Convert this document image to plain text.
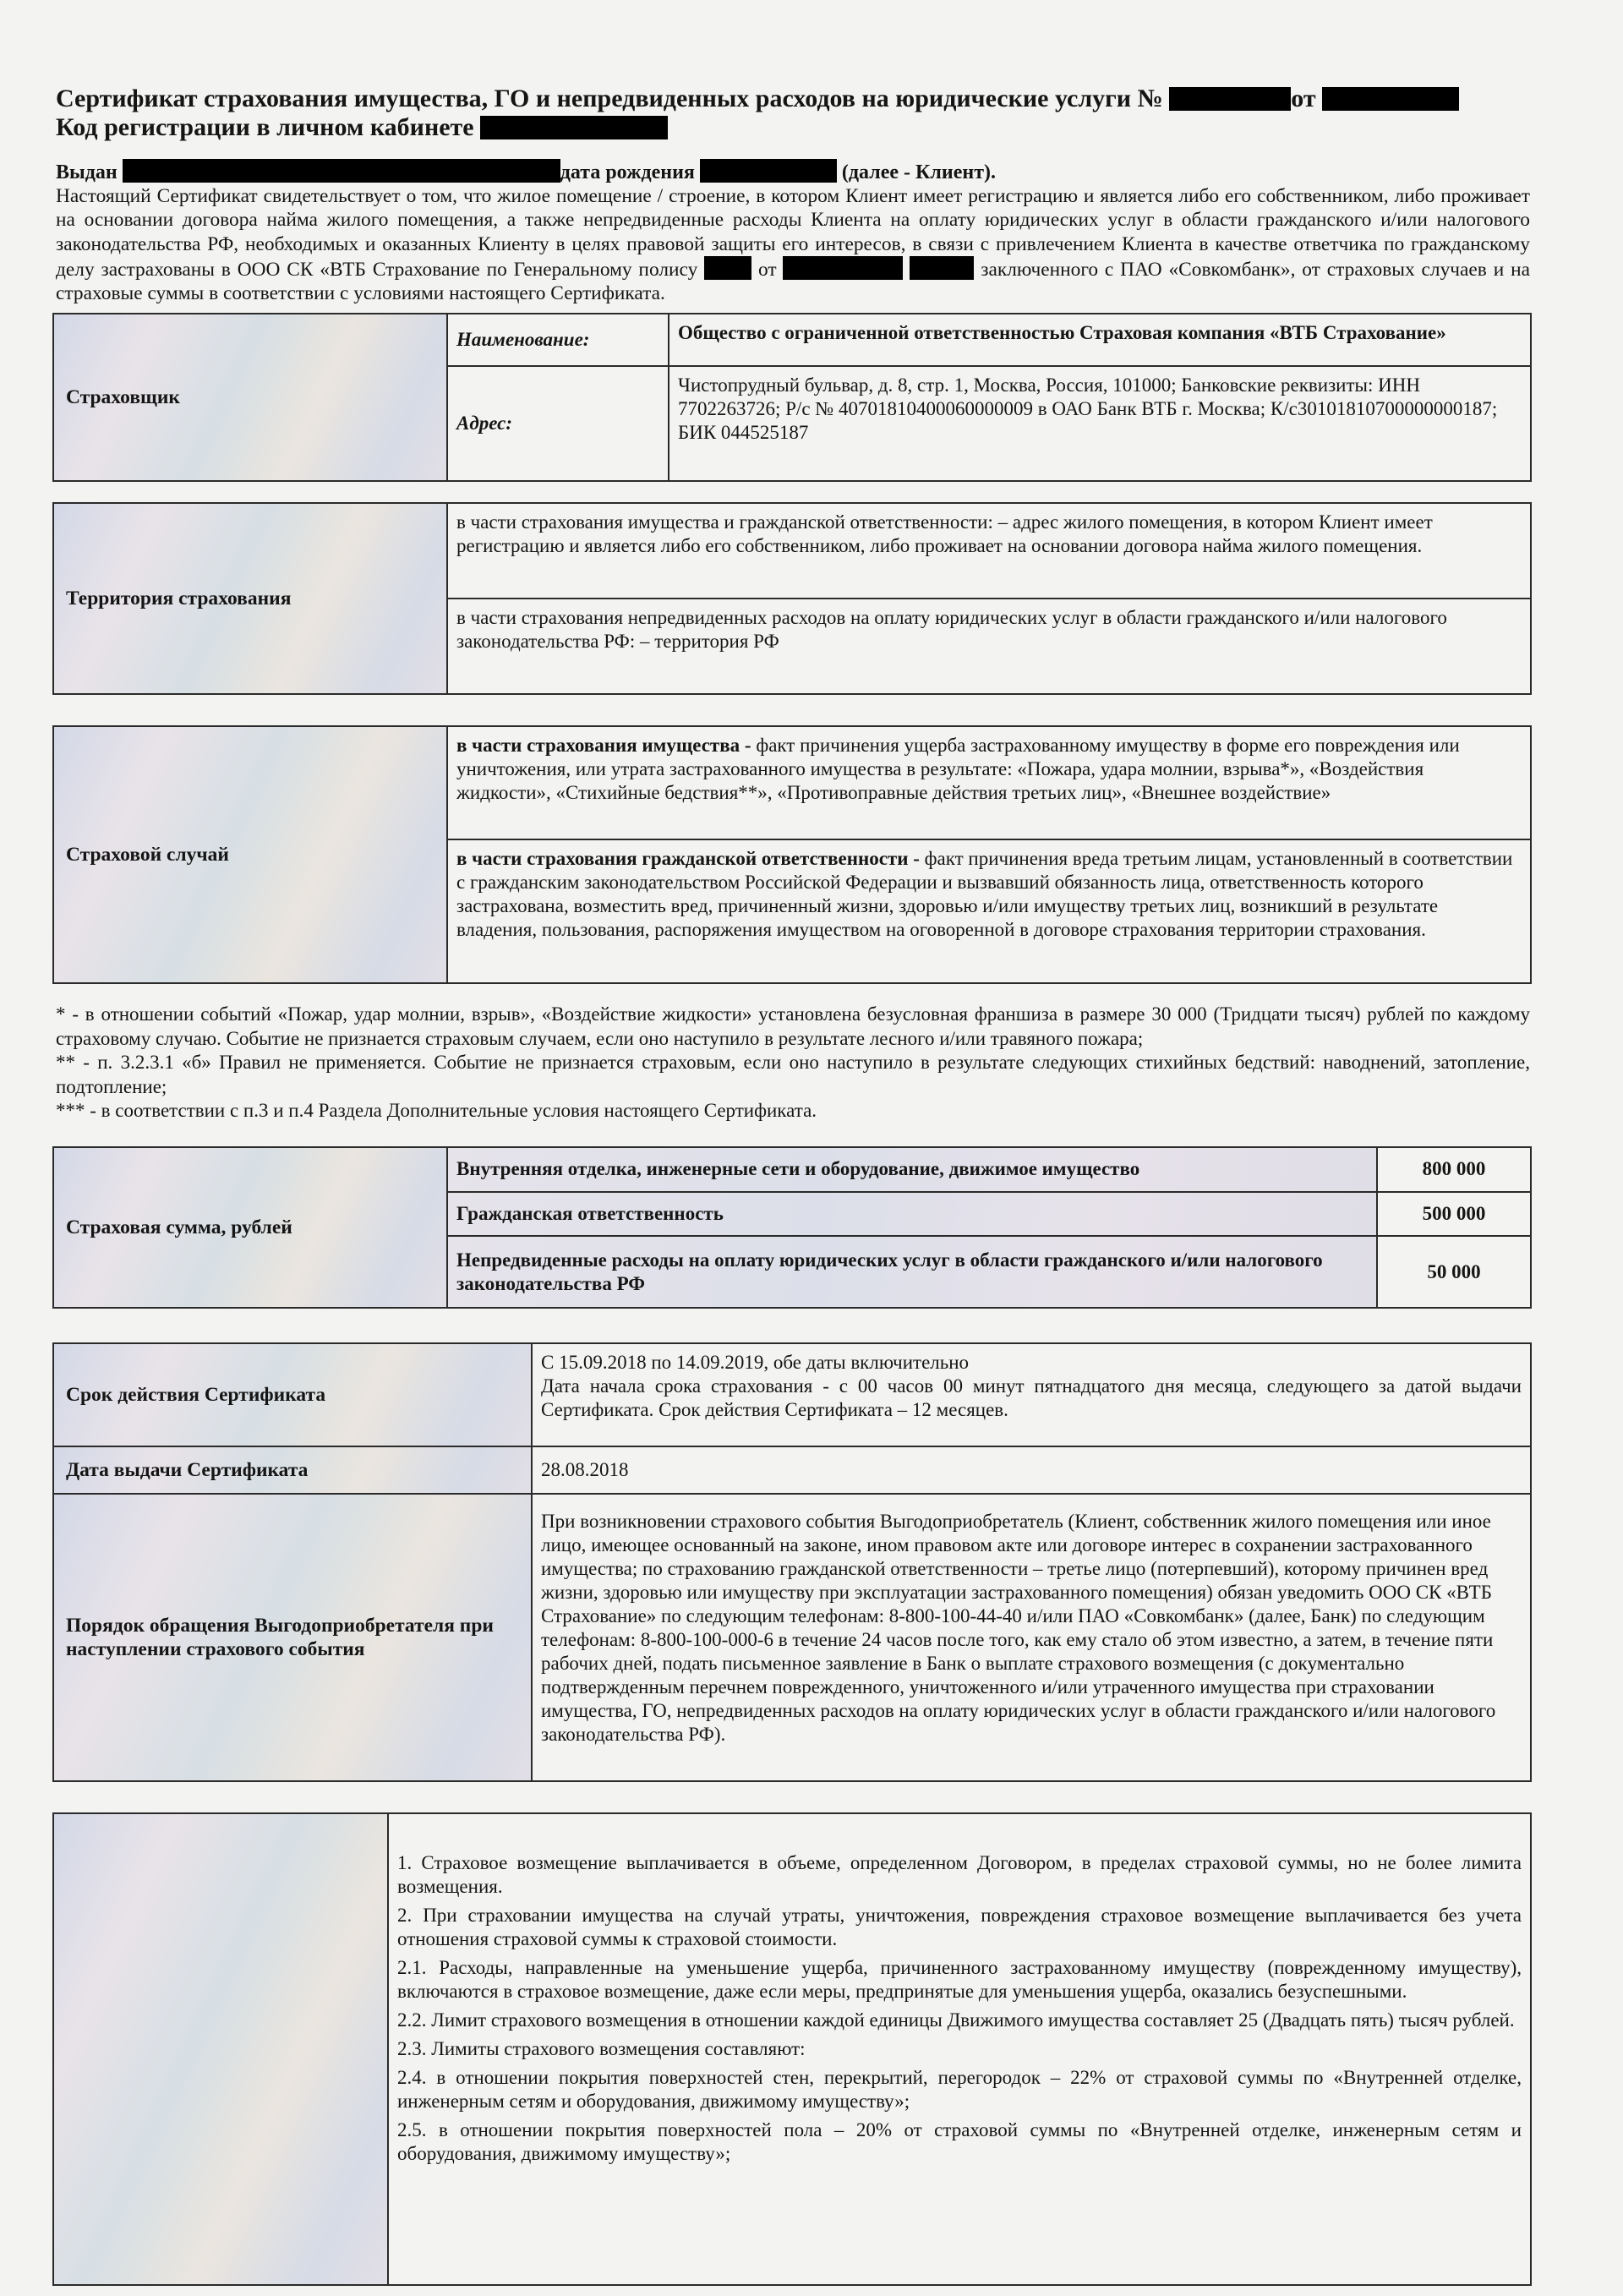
Сертификат страхования имущества, ГО и непредвиденных расходов на юридические услуги №	от
Код регистрации в личном кабинете
Выдан	дата рождения	(далее - Клиент).
Настоящий Сертификат свидетельствует о том, что жилое помещение / строение, в котором Клиент имеет регистрацию и является либо его собственником, либо проживает на основании договора найма жилого помещения, а также непредвиденные расходы Клиента на оплату юридических услуг в области гражданского и/или налогового законодательства РФ, необходимых и оказанных Клиенту в целях правовой защиты его интересов, в связи с привлечением Клиента в качестве ответчика по гражданскому делу застрахованы в ООО СК «ВТБ Страхование по Генеральному полису	от	заключенного с ПАО «Совкомбанк», от страховых случаев и на страховые суммы в соответствии с условиями настоящего Сертификата.
Страховщик	Наименование:	Общество с ограниченной ответственностью Страховая компания «ВТБ Страхование»
	Адрес:	Чистопрудный бульвар, д. 8, стр. 1, Москва, Россия, 101000; Банковские реквизиты: ИНН 7702263726; Р/с № 40701810400060000009 в ОАО Банк ВТБ г. Москва; К/с30101810700000000187; БИК 044525187
Территория страхования	в части страхования имущества и гражданской ответственности: – адрес жилого помещения, в котором Клиент имеет регистрацию и является либо его собственником, либо проживает на основании договора найма жилого помещения.
в части страхования непредвиденных расходов на оплату юридических услуг в области гражданского и/или налогового законодательства РФ: – территория РФ
Страховой случай	в части страхования имущества - факт причинения ущерба застрахованному имуществу в форме его повреждения или уничтожения, или утрата застрахованного имущества в результате: «Пожара, удара молнии, взрыва*», «Воздействия жидкости», «Стихийные бедствия**», «Противоправные действия третьих лиц», «Внешнее воздействие»
в части страхования гражданской ответственности - факт причинения вреда третьим лицам, установленный в соответствии с гражданским законодательством Российской Федерации и вызвавший обязанность лица, ответственность которого застрахована, возместить вред, причиненный жизни, здоровью и/или имуществу третьих лиц, возникший в результате владения, пользования, распоряжения имуществом на оговоренной в договоре страхования территории страхования.
* - в отношении событий «Пожар, удар молнии, взрыв», «Воздействие жидкости» установлена безусловная франшиза в размере 30 000 (Тридцати тысяч) рублей по каждому страховому случаю. Событие не признается страховым случаем, если оно наступило в результате лесного и/или травяного пожара;
** - п. 3.2.3.1 «б» Правил не применяется. Событие не признается страховым, если оно наступило в результате следующих стихийных бедствий: наводнений, затопление, подтопление;
*** - в соответствии с п.3 и п.4 Раздела Дополнительные условия настоящего Сертификата.
Страховая сумма, рублей	Внутренняя отделка, инженерные сети и оборудование, движимое имущество	800 000
	Гражданская ответственность	500 000
	Непредвиденные расходы на оплату юридических услуг в области гражданского и/или налогового законодательства РФ	50 000
Срок действия Сертификата	С 15.09.2018 по 14.09.2019, обе даты включительно
Дата начала срока страхования - с 00 часов 00 минут пятнадцатого дня месяца, следующего за датой выдачи Сертификата. Срок действия Сертификата – 12 месяцев.

Дата выдачи Сертификата	28.08.2018
Порядок обращения Выгодоприобретателя при наступлении страхового события	При возникновении страхового события Выгодоприобретатель (Клиент, собственник жилого помещения или иное лицо, имеющее основанный на законе, ином правовом акте или договоре интерес в сохранении застрахованного имущества; по страхованию гражданской ответственности – третье лицо (потерпевший), которому причинен вред жизни, здоровью или имуществу при эксплуатации застрахованного помещения) обязан уведомить ООО СК «ВТБ Страхование» по следующим телефонам: 8-800-100-44-40 и/или ПАО «Совкомбанк» (далее, Банк) по следующим телефонам: 8-800-100-000-6 в течение 24 часов после того, как ему стало об этом известно, а затем, в течение пяти рабочих дней, подать письменное заявление в Банк о выплате страхового возмещения (с документально подтвержденным перечнем поврежденного, уничтоженного и/или утраченного имущества при страховании имущества, ГО, непредвиденных расходов на оплату юридических услуг в области гражданского и/или налогового законодательства РФ).

1. Страховое возмещение выплачивается в объеме, определенном Договором, в пределах страховой суммы, но не более лимита возмещения.
2. При страховании имущества на случай утраты, уничтожения, повреждения страховое возмещение выплачивается без учета отношения страховой суммы к страховой стоимости.
2.1. Расходы, направленные на уменьшение ущерба, причиненного застрахованному имуществу (поврежденному имуществу), включаются в страховое возмещение, даже если меры, предпринятые для уменьшения ущерба, оказались безуспешными.
2.2. Лимит страхового возмещения в отношении каждой единицы Движимого имущества составляет 25 (Двадцать пять) тысяч рублей.
2.3. Лимиты страхового возмещения составляют:
2.4. в отношении покрытия поверхностей стен, перекрытий, перегородок – 22% от страховой суммы по «Внутренней отделке, инженерным сетям и оборудования, движимому имуществу»;
2.5. в отношении покрытия поверхностей пола – 20% от страховой суммы по «Внутренней отделке, инженерным сетям и оборудования, движимому имуществу»;
